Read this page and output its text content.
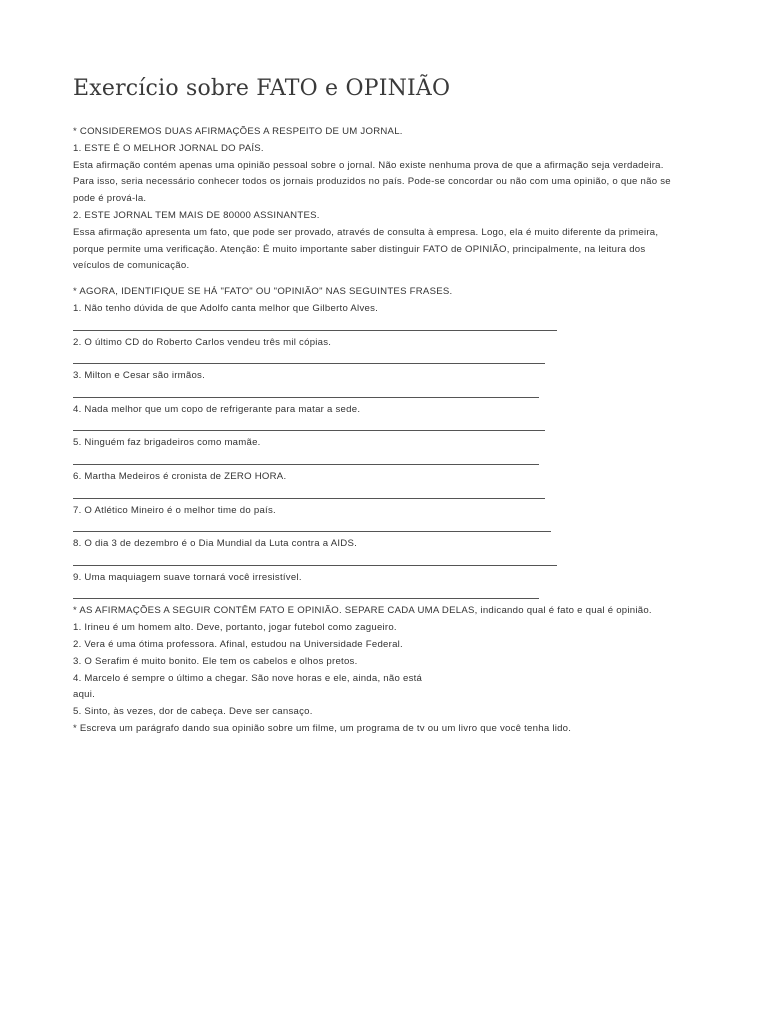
Exercício sobre FATO e OPINIÃO

* CONSIDEREMOS DUAS AFIRMAÇÕES A RESPEITO DE UM JORNAL.

1. ESTE É O MELHOR JORNAL DO PAÍS.

Esta afirmação contém apenas uma opinião pessoal sobre o jornal. Não existe nenhuma prova de que a afirmação seja verdadeira.

Para isso, seria necessário conhecer todos os jornais produzidos no país. Pode-se concordar ou não com uma opinião, o que não se

pode é prová-la.

2. ESTE JORNAL TEM MAIS DE 80000 ASSINANTES.

Essa afirmação apresenta um fato, que pode ser provado, através de consulta à empresa. Logo, ela é muito diferente da primeira,

porque permite uma verificação. Atenção: É muito importante saber distinguir FATO de OPINIÃO, principalmente, na leitura dos

veículos de comunicação.

* AGORA, IDENTIFIQUE SE HÁ "FATO" OU "OPINIÃO" NAS SEGUINTES FRASES.

1. Não tenho dúvida de que Adolfo canta melhor que Gilberto Alves.

2. O último CD do Roberto Carlos vendeu três mil cópias.

3. Milton e Cesar são irmãos.

4. Nada melhor que um copo de refrigerante para matar a sede.

5. Ninguém faz brigadeiros como mamãe.

6. Martha Medeiros é cronista de ZERO HORA.

7. O Atlético Mineiro é o melhor time do país.

8. O dia 3 de dezembro é o Dia Mundial da Luta contra a AIDS.

9. Uma maquiagem suave tornará você irresistível.

* AS AFIRMAÇÕES A SEGUIR CONTÊM FATO E OPINIÃO. SEPARE CADA UMA DELAS, indicando qual é fato e qual é opinião.

1. Irineu é um homem alto. Deve, portanto, jogar futebol como zagueiro.

2. Vera é uma ótima professora. Afinal, estudou na Universidade Federal.

3. O Serafim é muito bonito. Ele tem os cabelos e olhos pretos.

4. Marcelo é sempre o último a chegar. São nove horas e ele, ainda, não está

aqui.

5. Sinto, às vezes, dor de cabeça. Deve ser cansaço.

* Escreva um parágrafo dando sua opinião sobre um filme, um programa de tv ou um livro que você tenha lido.
